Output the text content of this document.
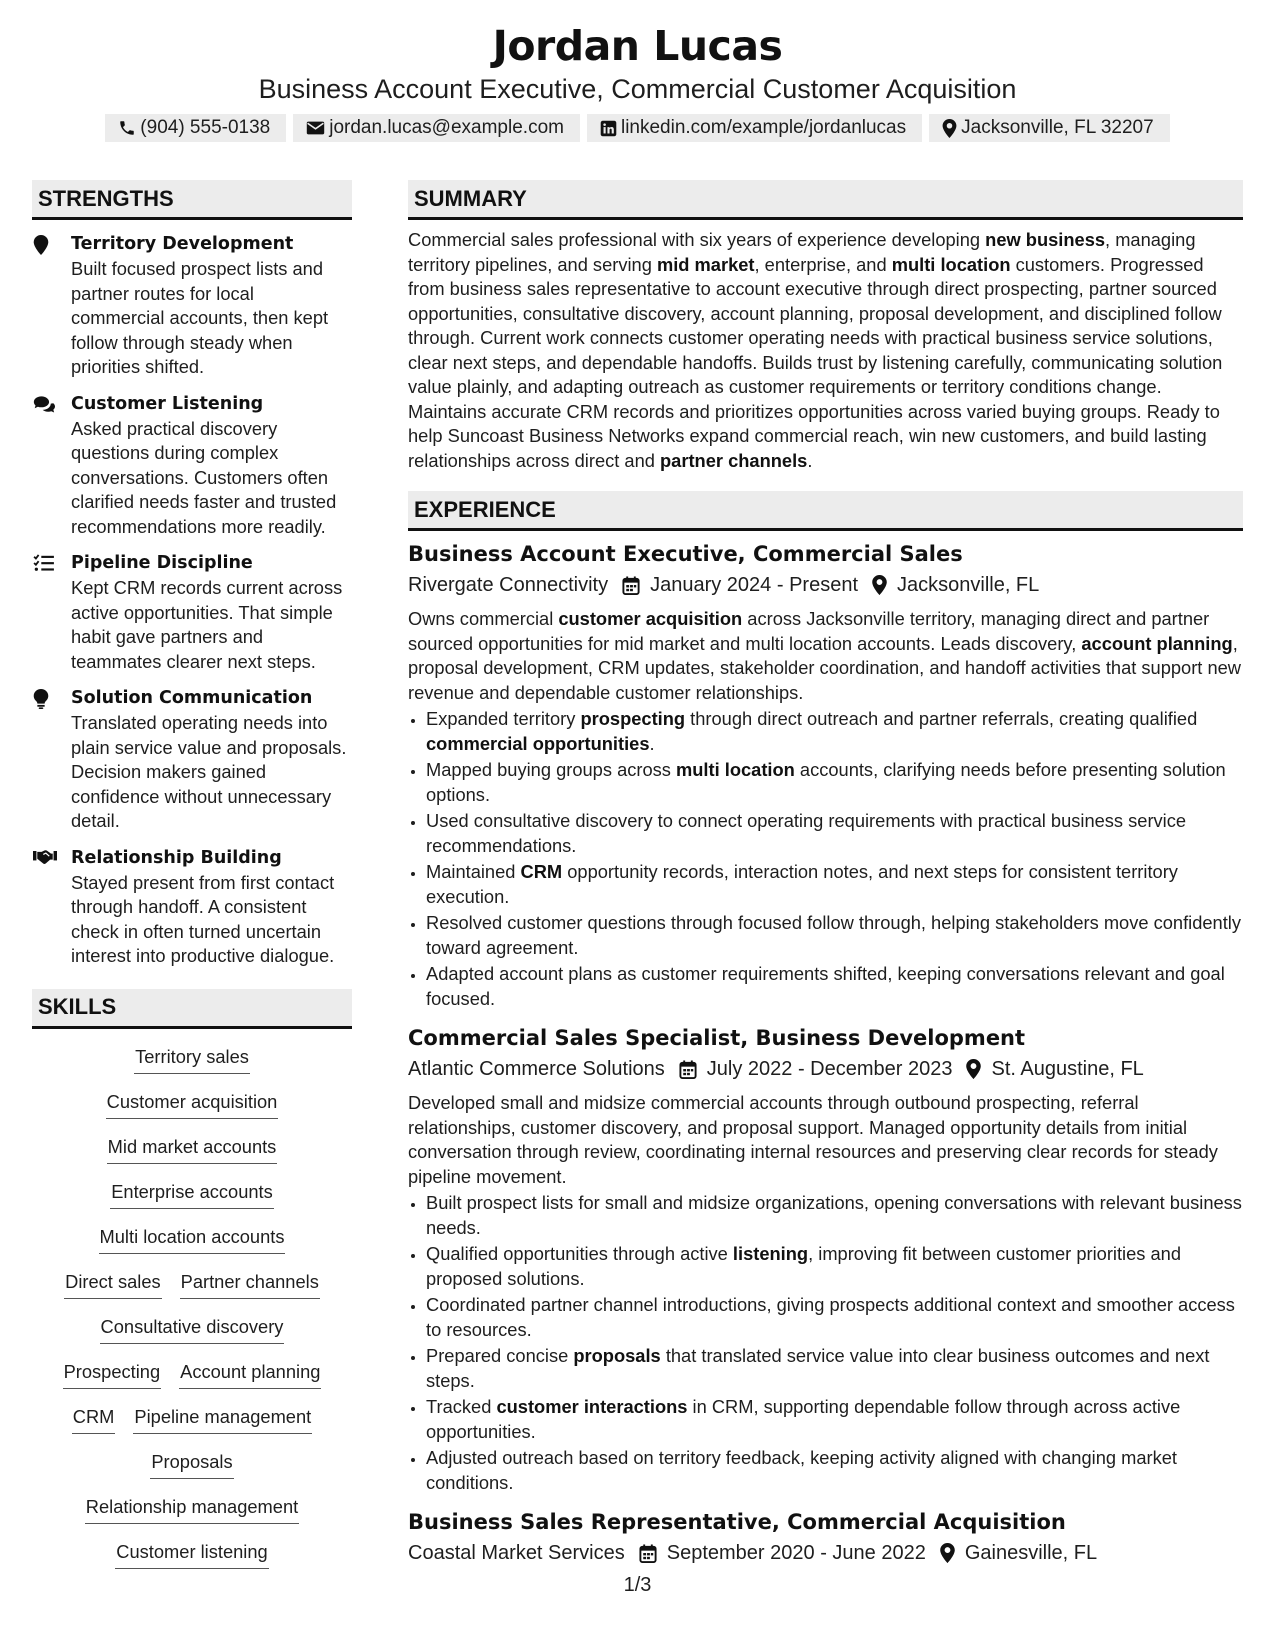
Jordan Lucas
Business Account Executive, Commercial Customer Acquisition
(904) 555-0138	jordan.lucas@example.com	linkedin.com/example/jordanlucas	Jacksonville, FL 32207
STRENGTHS
Territory Development
Built focused prospect lists and partner routes for local commercial accounts, then kept follow through steady when priorities shifted.
Customer Listening
Asked practical discovery questions during complex conversations. Customers often clarified needs faster and trusted recommendations more readily.
Pipeline Discipline
Kept CRM records current across active opportunities. That simple habit gave partners and teammates clearer next steps.
Solution Communication
Translated operating needs into plain service value and proposals. Decision makers gained confidence without unnecessary detail.
Relationship Building
Stayed present from first contact through handoff. A consistent check in often turned uncertain interest into productive dialogue.
SKILLS
Territory sales
Customer acquisition
Mid market accounts
Enterprise accounts
Multi location accounts
Direct sales Partner channels
Consultative discovery
Prospecting Account planning
CRM Pipeline management
Proposals
Relationship management
Customer listening
SUMMARY
Commercial sales professional with six years of experience developing new business, managing territory pipelines, and serving mid market, enterprise, and multi location customers. Progressed from business sales representative to account executive through direct prospecting, partner sourced opportunities, consultative discovery, account planning, proposal development, and disciplined follow through. Current work connects customer operating needs with practical business service solutions, clear next steps, and dependable handoffs. Builds trust by listening carefully, communicating solution value plainly, and adapting outreach as customer requirements or territory conditions change. Maintains accurate CRM records and prioritizes opportunities across varied buying groups. Ready to help Suncoast Business Networks expand commercial reach, win new customers, and build lasting relationships across direct and partner channels.
EXPERIENCE
Business Account Executive, Commercial Sales
Rivergate Connectivity January 2024 - Present Jacksonville, FL
Owns commercial customer acquisition across Jacksonville territory, managing direct and partner sourced opportunities for mid market and multi location accounts. Leads discovery, account planning, proposal development, CRM updates, stakeholder coordination, and handoff activities that support new revenue and dependable customer relationships.
• Expanded territory prospecting through direct outreach and partner referrals, creating qualified commercial opportunities.
• Mapped buying groups across multi location accounts, clarifying needs before presenting solution options.
• Used consultative discovery to connect operating requirements with practical business service recommendations.
• Maintained CRM opportunity records, interaction notes, and next steps for consistent territory execution.
• Resolved customer questions through focused follow through, helping stakeholders move confidently toward agreement.
• Adapted account plans as customer requirements shifted, keeping conversations relevant and goal focused.
Commercial Sales Specialist, Business Development
Atlantic Commerce Solutions July 2022 - December 2023 St. Augustine, FL
Developed small and midsize commercial accounts through outbound prospecting, referral relationships, customer discovery, and proposal support. Managed opportunity details from initial conversation through review, coordinating internal resources and preserving clear records for steady pipeline movement.
• Built prospect lists for small and midsize organizations, opening conversations with relevant business needs.
• Qualified opportunities through active listening, improving fit between customer priorities and proposed solutions.
• Coordinated partner channel introductions, giving prospects additional context and smoother access to resources.
• Prepared concise proposals that translated service value into clear business outcomes and next steps.
• Tracked customer interactions in CRM, supporting dependable follow through across active opportunities.
• Adjusted outreach based on territory feedback, keeping activity aligned with changing market conditions.
Business Sales Representative, Commercial Acquisition
Coastal Market Services September 2020 - June 2022 Gainesville, FL
1/3
